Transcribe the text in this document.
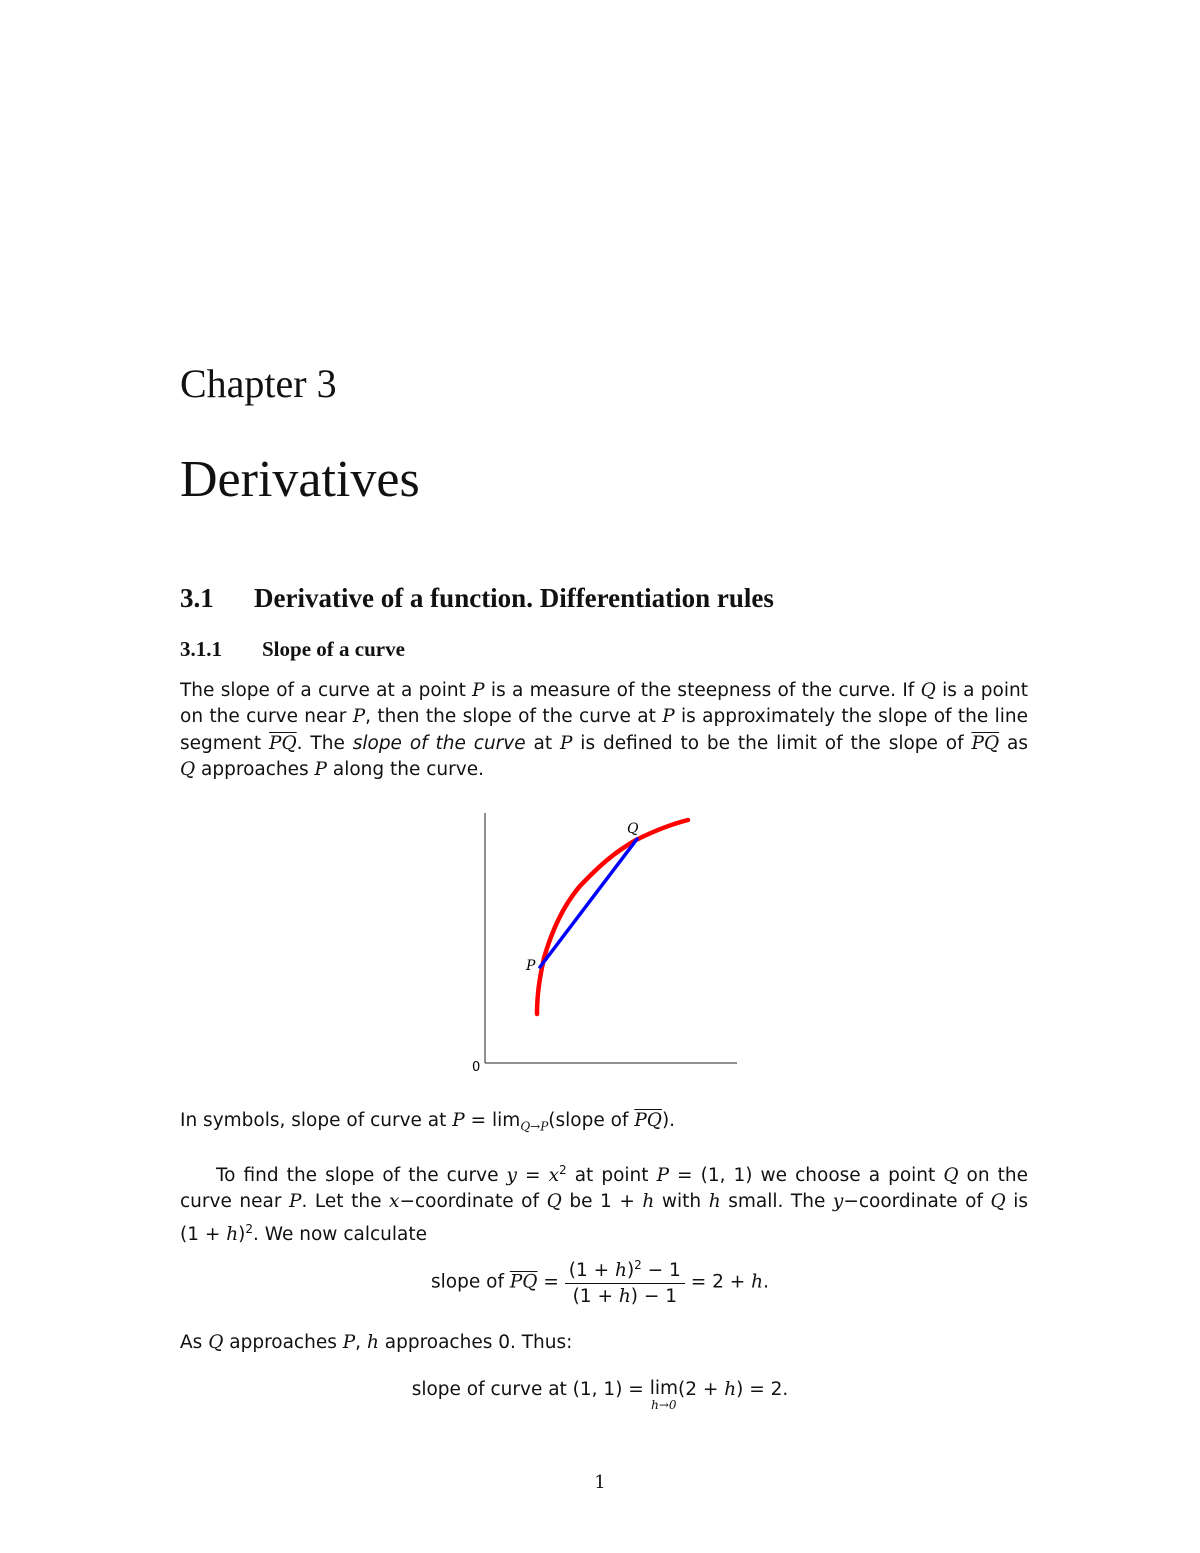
Chapter 3
Derivatives
3.1 Derivative of a function. Differentiation rules
3.1.1 Slope of a curve
The slope of a curve at a point P is a measure of the steepness of the curve. If Q is a point
on the curve near P, then the slope of the curve at P is approximately the slope of the line
segment $\overline{PQ}$. The slope of the curve at P is defined to be the limit of the slope of $\overline{PQ}$ as
Q approaches P along the curve.
P
Q
0
In symbols, slope of curve at $P = \lim_{Q\to P}(slope$ of $\overline{PQ}$).
To find the slope of the curve $y = x^2$ at point P = (1, 1) we choose a point Q on the
curve near P. Let the x−coordinate of Q be 1 + h with h small. The y−coordinate of Q is
$(1 + h)^2$. We now calculate
slope of $\overline{PQ} = \frac{(1 + h)^2 - 1}{(1 + h) - 1} = 2 + h$.
As Q approaches P, h approaches 0. Thus:
slope of curve at (1, 1) = lim
h→0
(2 + h) = 2.
1
